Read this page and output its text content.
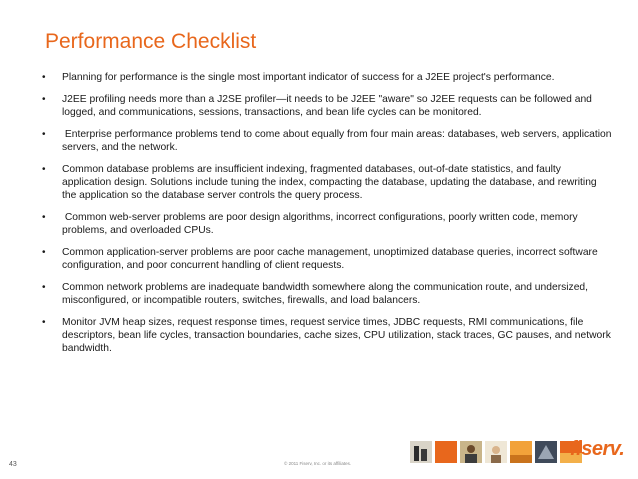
Performance Checklist
• Planning for performance is the single most important indicator of success for a J2EE project's performance.
• J2EE profiling needs more than a J2SE profiler—it needs to be J2EE "aware" so J2EE requests can be followed and logged, and communications, sessions, transactions, and bean life cycles can be monitored.
• Enterprise performance problems tend to come about equally from four main areas: databases, web servers, application servers, and the network.
• Common database problems are insufficient indexing, fragmented databases, out-of-date statistics, and faulty application design. Solutions include tuning the index, compacting the database, updating the database, and rewriting the application so the database server controls the query process.
• Common web-server problems are poor design algorithms, incorrect configurations, poorly written code, memory problems, and overloaded CPUs.
• Common application-server problems are poor cache management, unoptimized database queries, incorrect software configuration, and poor concurrent handling of client requests.
• Common network problems are inadequate bandwidth somewhere along the communication route, and undersized, misconfigured, or incompatible routers, switches, firewalls, and load balancers.
• Monitor JVM heap sizes, request response times, request service times, JDBC requests, RMI communications, file descriptors, bean life cycles, transaction boundaries, cache sizes, CPU utilization, stack traces, GC pauses, and network bandwidth.
43	© 2011 Fiserv, Inc. or its affiliates.
fiserv.
